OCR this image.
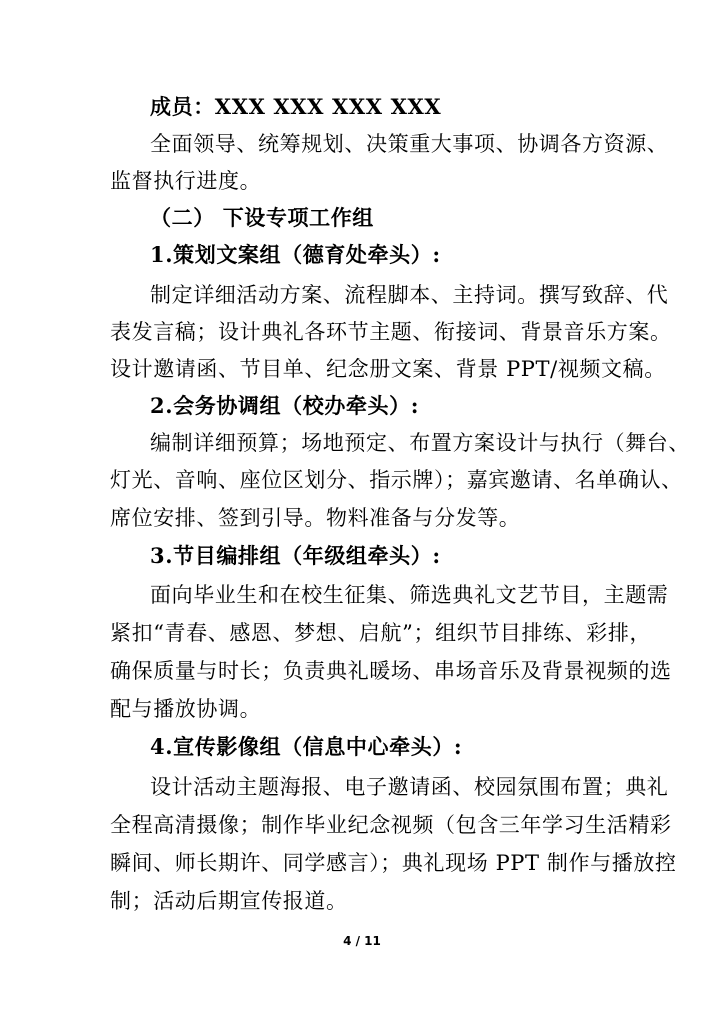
成员：XXX XXX XXX XXX
全面领导、统筹规划、决策重大事项、协调各方资源、
监督执行进度。
（二） 下设专项工作组
1.策划文案组（德育处牵头）:
制定详细活动方案、流程脚本、主持词。撰写致辞、代
表发言稿；设计典礼各环节主题、衔接词、背景音乐方案。
设计邀请函、节目单、纪念册文案、背景 PPT/视频文稿。
2.会务协调组（校办牵头）:
编制详细预算；场地预定、布置方案设计与执行（舞台、
灯光、音响、座位区划分、指示牌）；嘉宾邀请、名单确认、
席位安排、签到引导。物料准备与分发等。
3.节目编排组（年级组牵头）:
面向毕业生和在校生征集、筛选典礼文艺节目，主题需
紧扣“青春、感恩、梦想、启航”；组织节目排练、彩排，
确保质量与时长；负责典礼暖场、串场音乐及背景视频的选
配与播放协调。
4.宣传影像组（信息中心牵头）:
设计活动主题海报、电子邀请函、校园氛围布置；典礼
全程高清摄像；制作毕业纪念视频（包含三年学习生活精彩
瞬间、师长期许、同学感言）；典礼现场 PPT 制作与播放控
制；活动后期宣传报道。
4 / 11
